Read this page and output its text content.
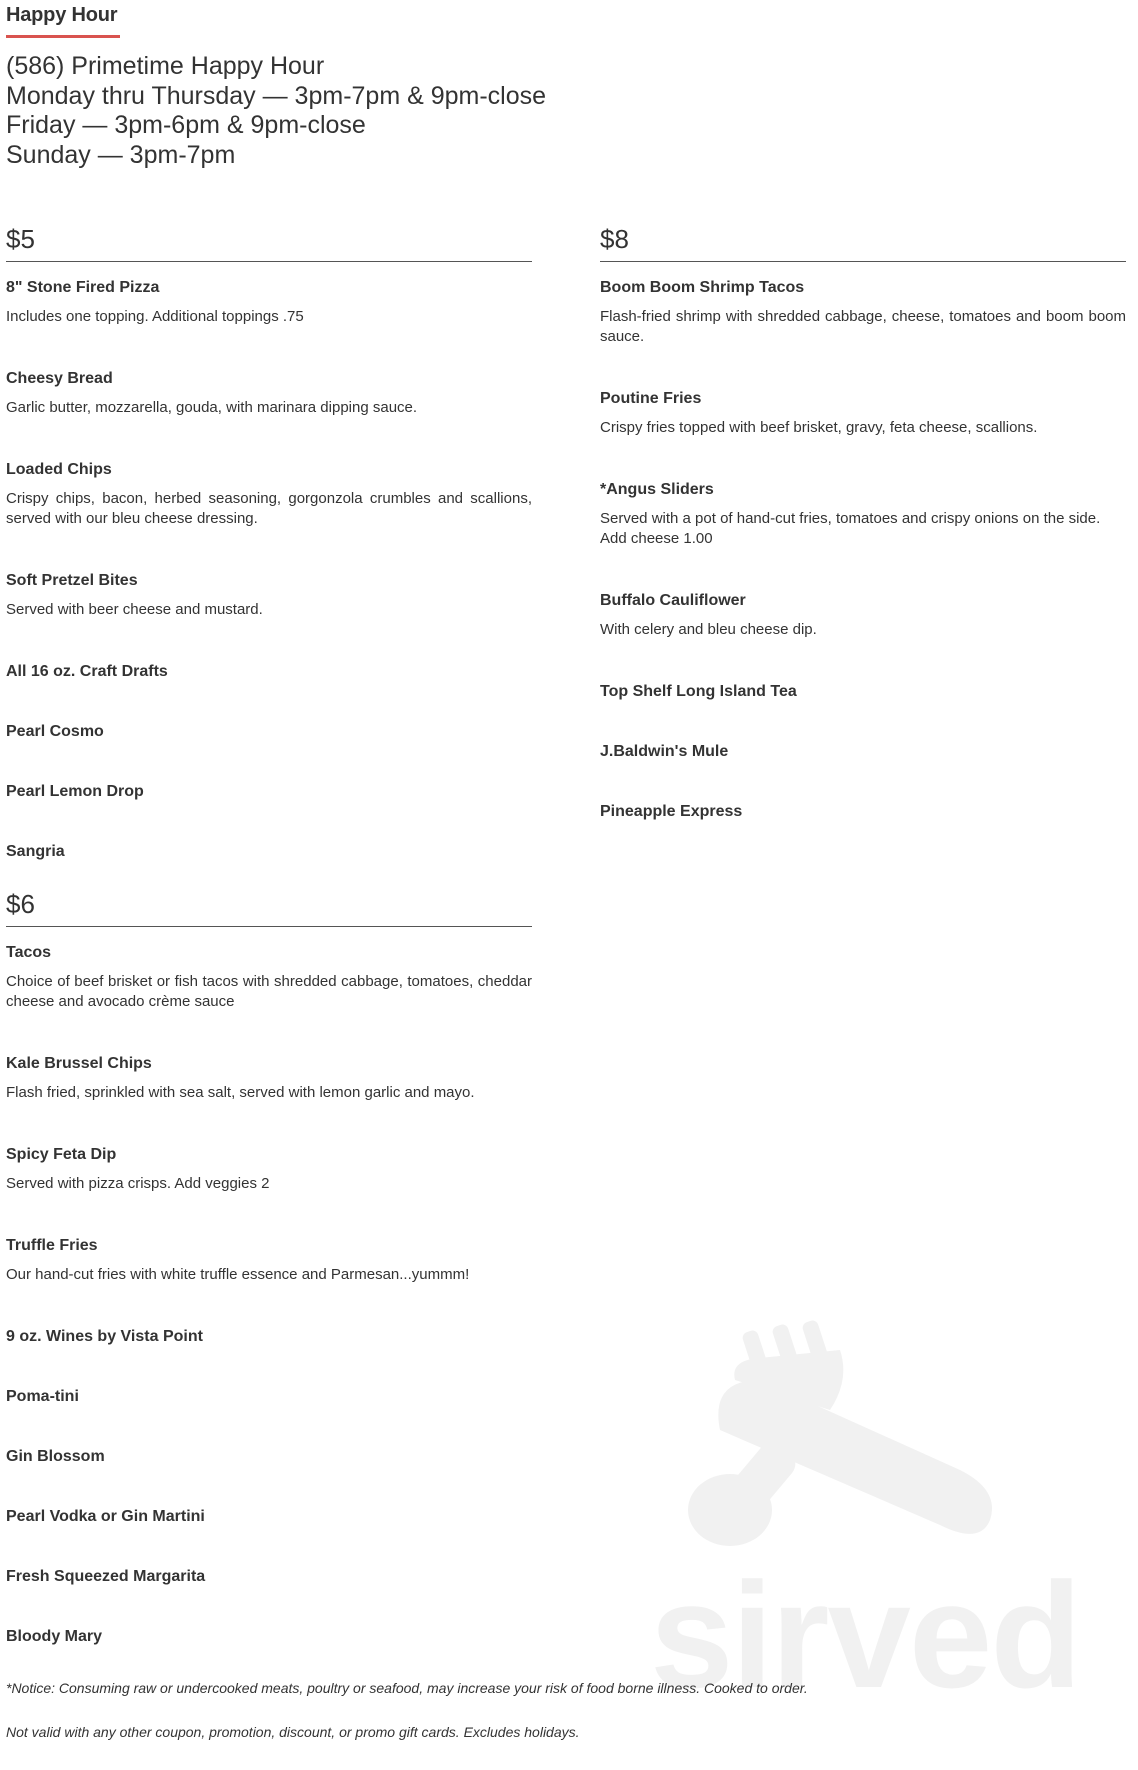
Happy Hour
(586) Primetime Happy Hour
Monday thru Thursday — 3pm-7pm & 9pm-close
Friday — 3pm-6pm & 9pm-close
Sunday — 3pm-7pm
$5
8" Stone Fired Pizza
Includes one topping. Additional toppings .75
Cheesy Bread
Garlic butter, mozzarella, gouda, with marinara dipping sauce.
Loaded Chips
Crispy chips, bacon, herbed seasoning, gorgonzola crumbles and scallions, served with our bleu cheese dressing.
Soft Pretzel Bites
Served with beer cheese and mustard.
All 16 oz. Craft Drafts
Pearl Cosmo
Pearl Lemon Drop
Sangria
$6
Tacos
Choice of beef brisket or fish tacos with shredded cabbage, tomatoes, cheddar cheese and avocado crème sauce
Kale Brussel Chips
Flash fried, sprinkled with sea salt, served with lemon garlic and mayo.
Spicy Feta Dip
Served with pizza crisps. Add veggies 2
Truffle Fries
Our hand-cut fries with white truffle essence and Parmesan...yummm!
9 oz. Wines by Vista Point
Poma-tini
Gin Blossom
Pearl Vodka or Gin Martini
Fresh Squeezed Margarita
Bloody Mary
$8
Boom Boom Shrimp Tacos
Flash-fried shrimp with shredded cabbage, cheese, tomatoes and boom boom sauce.
Poutine Fries
Crispy fries topped with beef brisket, gravy, feta cheese, scallions.
*Angus Sliders
Served with a pot of hand-cut fries, tomatoes and crispy onions on the side.
Add cheese 1.00
Buffalo Cauliflower
With celery and bleu cheese dip.
Top Shelf Long Island Tea
J.Baldwin's Mule
Pineapple Express
sirved
*Notice: Consuming raw or undercooked meats, poultry or seafood, may increase your risk of food borne illness. Cooked to order.
Not valid with any other coupon, promotion, discount, or promo gift cards. Excludes holidays.
